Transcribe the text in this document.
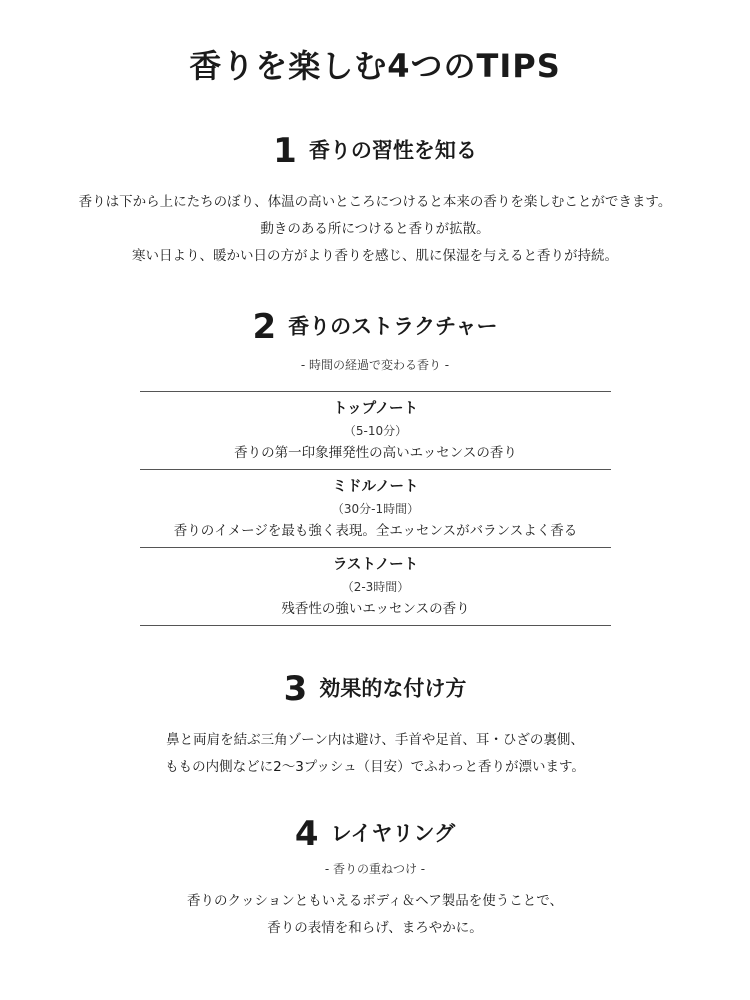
香りを楽しむ4つのTIPS
1 香りの習性を知る
香りは下から上にたちのぼり、体温の高いところにつけると本来の香りを楽しむことができます。
動きのある所につけると香りが拡散。
寒い日より、暖かい日の方がより香りを感じ、肌に保湿を与えると香りが持続。
2 香りのストラクチャー
- 時間の経過で変わる香り -
トップノート
（5-10分）
香りの第一印象揮発性の高いエッセンスの香り
ミドルノート
（30分-1時間）
香りのイメージを最も強く表現。全エッセンスがバランスよく香る
ラストノート
（2-3時間）
残香性の強いエッセンスの香り
3 効果的な付け方
鼻と両肩を結ぶ三角ゾーン内は避け、手首や足首、耳・ひざの裏側、
ももの内側などに2〜3プッシュ（目安）でふわっと香りが漂います。
4 レイヤリング
- 香りの重ねつけ -
香りのクッションともいえるボディ＆ヘア製品を使うことで、
香りの表情を和らげ、まろやかに。
